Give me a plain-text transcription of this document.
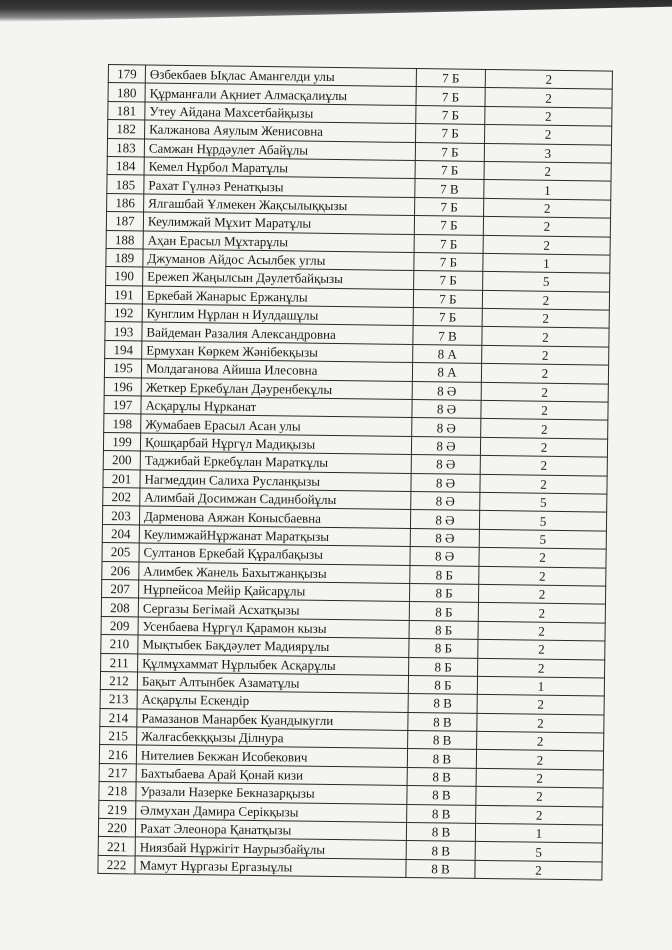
179	Өзбекбаев Ықлас Амангелди улы	7 Б	2
180	Құрманғали Ақниет Алмасқалиұлы	7 Б	2
181	Утеу Айдана Махсетбайқызы	7 Б	2
182	Калжанова Аяулым Женисовна	7 Б	2
183	Самжан Нұрдәулет Абайұлы	7 Б	3
184	Кемел Нұрбол Маратұлы	7 Б	2
185	Рахат Гүлнәз Ренатқызы	7 В	1
186	Ялгашбай Ұлмекен Жақсылыққызы	7 Б	2
187	Кеулимжай Мұхит Маратұлы	7 Б	2
188	Аҳан Ерасыл Мұхтарұлы	7 Б	2
189	Джуманов Айдос Асылбек углы	7 Б	1
190	Ережеп Жаңылсын Дәулетбайқызы	7 Б	5
191	Еркебай Жанарыс Ержанұлы	7 Б	2
192	Кунглим Нұрлан н Иулдашұлы	7 Б	2
193	Вайдеман Разалия Александровна	7 В	2
194	Ермухан Көркем Жәнібекқызы	8 А	2
195	Молдаганова Айиша Илесовна	8 А	2
196	Жеткер Еркебұлан Дәуренбекұлы	8 Ә	2
197	Асқарұлы Нұрканат	8 Ә	2
198	Жумабаев Ерасыл Асан улы	8 Ә	2
199	Қошқарбай Нұргүл Мадиқызы	8 Ә	2
200	Таджибай Еркебұлан Мараткұлы	8 Ә	2
201	Нагмеддин Салиха Русланқызы	8 Ә	2
202	Алимбай Досимжан Садинбойұлы	8 Ә	5
203	Дарменова Аяжан Конысбаевна	8 Ә	5
204	КеулимжайНұржанат Маратқызы	8 Ә	5
205	Султанов Еркебай Құралбақызы	8 Ә	2
206	Алимбек Жанель Бахытжанқызы	8 Б	2
207	Нұрпейсоа Мейір Қайсарұлы	8 Б	2
208	Сергазы Бегімай Асхатқызы	8 Б	2
209	Усенбаева Нұргүл Қарамон кызы	8 Б	2
210	Мықтыбек Бақдәулет Мадиярұлы	8 Б	2
211	Құлмұхаммат Нұрлыбек Асқарұлы	8 Б	2
212	Бақыт Алтынбек Азаматұлы	8 Б	1
213	Асқарұлы Ескендір	8 В	2
214	Рамазанов Манарбек Куандыкугли	8 В	2
215	Жалғасбекққызы Ділнура	8 В	2
216	Нителиев Бекжан Исобекович	8 В	2
217	Бахтыбаева Арай Қонай кизи	8 В	2
218	Уразали Назерке Бекназарқызы	8 В	2
219	Әлмухан Дамира Серікқызы	8 В	2
220	Рахат Элеонора Қанатқызы	8 В	1
221	Ниязбай Нұржігіт Наурызбайұлы	8 В	5
222	Мамут Нұргазы Ергазыұлы	8 В	2
